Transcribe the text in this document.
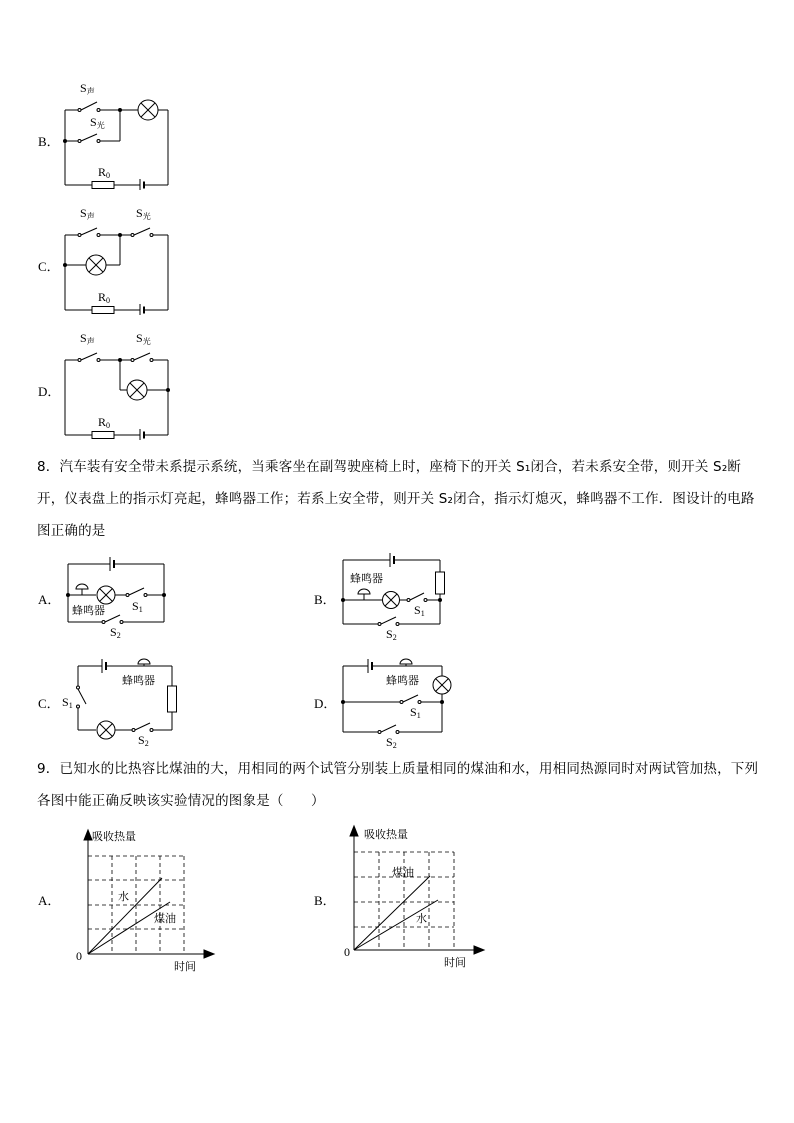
B．
S声
S光
R0
C．
S声	S光
R0
D．
S声	S光
R0
8．汽车装有安全带未系提示系统，当乘客坐在副驾驶座椅上时，座椅下的开关 S₁闭合，若未系安全带，则开关 S₂断开，仪表盘上的指示灯亮起，蜂鸣器工作；若系上安全带，则开关 S₂闭合，指示灯熄灭，蜂鸣器不工作．图设计的电路图正确的是
A．
蜂鸣器 S1
S2
B．
蜂鸣器
S1
S2
C．
蜂鸣器
S1
S2
D．
蜂鸣器
S1
S2
9．已知水的比热容比煤油的大，用相同的两个试管分别装上质量相同的煤油和水，用相同热源同时对两试管加热，下列各图中能正确反映该实验情况的图象是（　　）
A．
吸收热量
时间
0
水
煤油
B．
吸收热量
时间
0
煤油
水
